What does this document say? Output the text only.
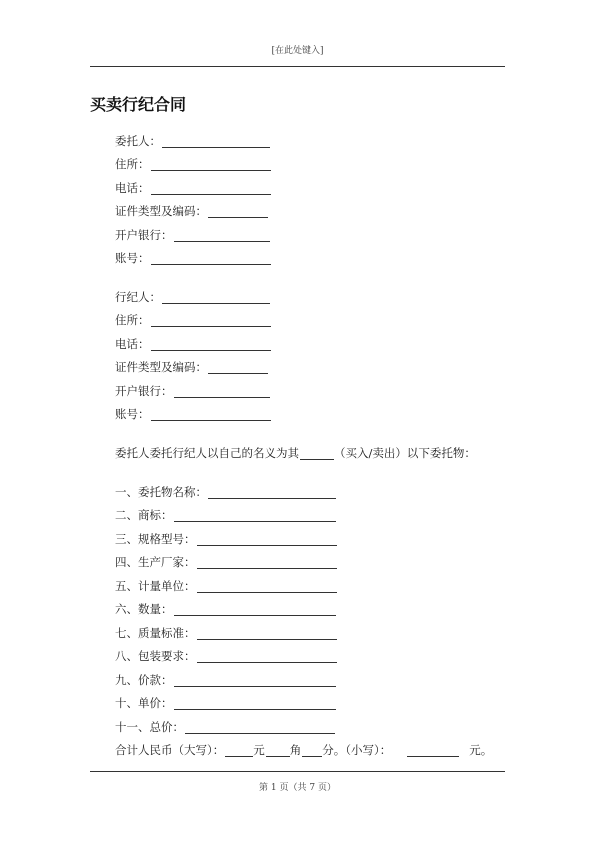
[在此处键入]
买卖行纪合同
委托人：
住所：
电话：
证件类型及编码：
开户银行：
账号：
行纪人：
住所：
电话：
证件类型及编码：
开户银行：
账号：
委托人委托行纪人以自己的名义为其	（买入/卖出）以下委托物：
一、委托物名称：
二、商标：
三、规格型号：
四、生产厂家：
五、计量单位：
六、数量：
七、质量标准：
八、包装要求：
九、价款：
十、单价：
十一、总价：
合计人民币（大写）：	元 角 分。（小写）：	元。
第 1 页（共 7 页）
